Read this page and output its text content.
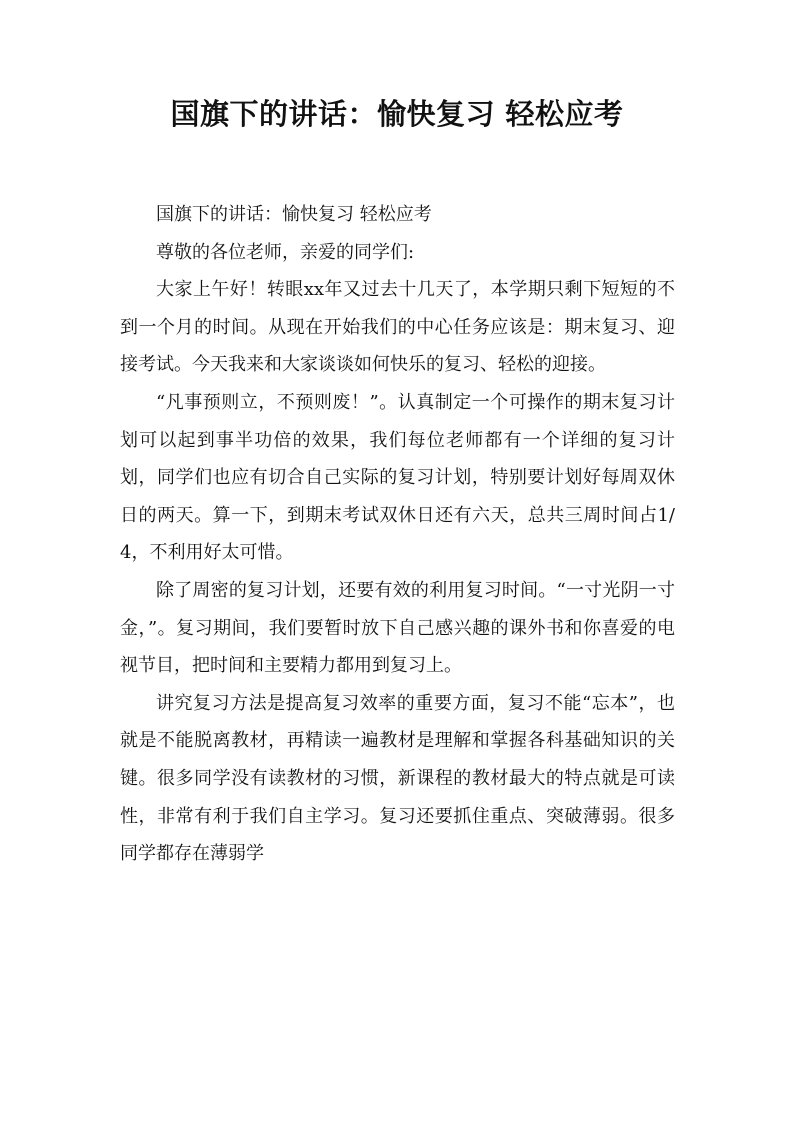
国旗下的讲话：愉快复习 轻松应考

国旗下的讲话：愉快复习 轻松应考

尊敬的各位老师，亲爱的同学们:

大家上午好！转眼xx年又过去十几天了，本学期只剩下短短的不到一个月的时间。从现在开始我们的中心任务应该是：期末复习、迎接考试。今天我来和大家谈谈如何快乐的复习、轻松的迎接。

“凡事预则立，不预则废！”。认真制定一个可操作的期末复习计划可以起到事半功倍的效果，我们每位老师都有一个详细的复习计划，同学们也应有切合自己实际的复习计划，特别要计划好每周双休日的两天。算一下，到期末考试双休日还有六天，总共三周时间占1/4，不利用好太可惜。

除了周密的复习计划，还要有效的利用复习时间。“一寸光阴一寸金，”。复习期间，我们要暂时放下自己感兴趣的课外书和你喜爱的电视节目，把时间和主要精力都用到复习上。

讲究复习方法是提高复习效率的重要方面，复习不能“忘本”，也就是不能脱离教材，再精读一遍教材是理解和掌握各科基础知识的关键。很多同学没有读教材的习惯，新课程的教材最大的特点就是可读性，非常有利于我们自主学习。复习还要抓住重点、突破薄弱。很多同学都存在薄弱学
